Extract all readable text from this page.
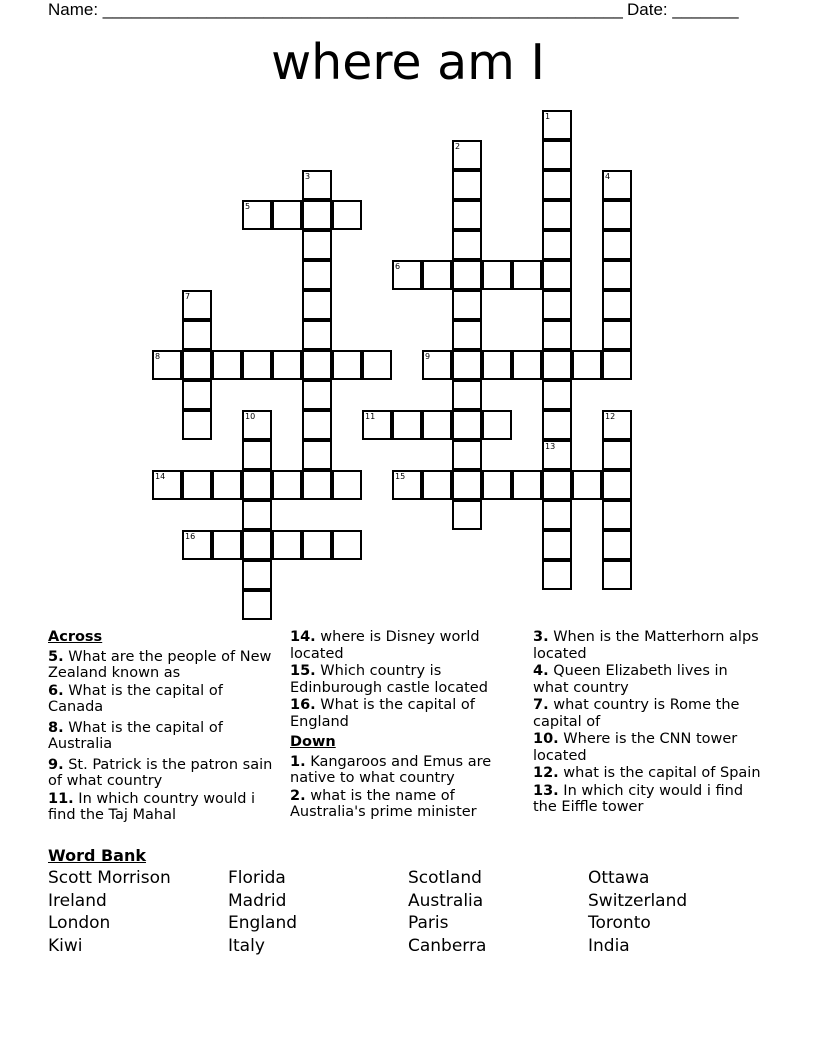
Name: _______________________________________________________ Date: _______
where am I
1
2
3	4
5
6
7
8	9
10	11	12
13
14	15
16
Across
5. What are the people of New Zealand known as
6. What is the capital of Canada
8. What is the capital of Australia
9. St. Patrick is the patron sain of what country
11. In which country would i find the Taj Mahal
14. where is Disney world located
15. Which country is Edinburough castle located
16. What is the capital of England
Down
1. Kangaroos and Emus are native to what country
2. what is the name of Australia's prime minister
3. When is the Matterhorn alps located
4. Queen Elizabeth lives in what country
7. what country is Rome the capital of
10. Where is the CNN tower located
12. what is the capital of Spain
13. In which city would i find the Eiffle tower
Word Bank
Scott Morrison	Florida	Scotland	Ottawa
Ireland	Madrid	Australia	Switzerland
London	England	Paris	Toronto
Kiwi	Italy	Canberra	India
